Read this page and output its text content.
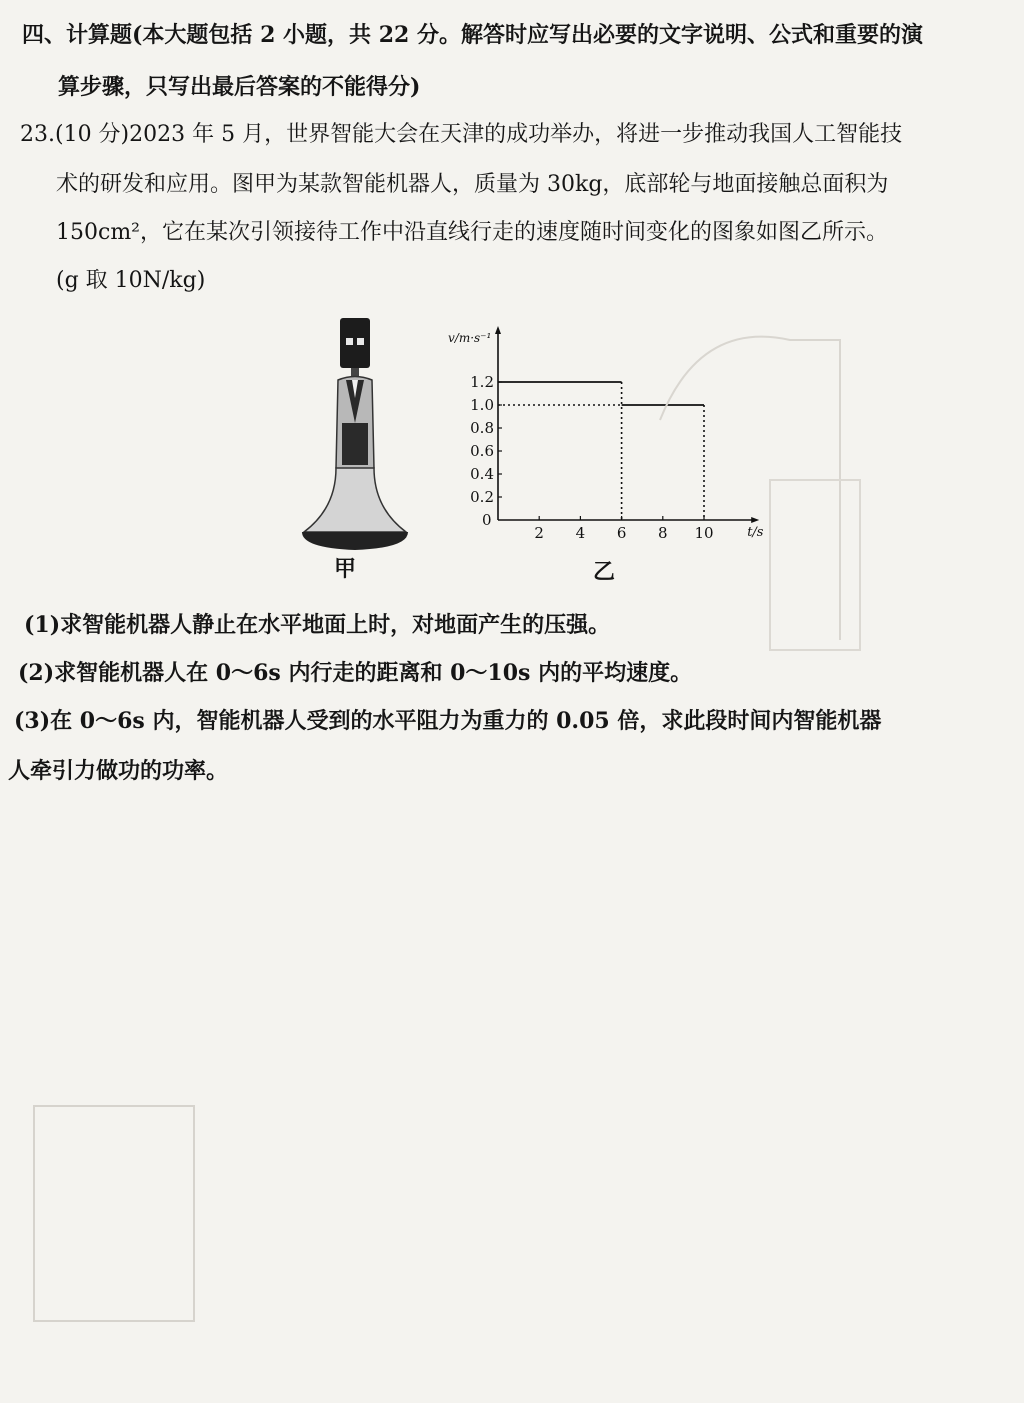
四、计算题(本大题包括 2 小题，共 22 分。解答时应写出必要的文字说明、公式和重要的演
算步骤，只写出最后答案的不能得分)
23.(10 分)2023 年 5 月，世界智能大会在天津的成功举办，将进一步推动我国人工智能技
术的研发和应用。图甲为某款智能机器人，质量为 30kg，底部轮与地面接触总面积为
150cm²，它在某次引领接待工作中沿直线行走的速度随时间变化的图象如图乙所示。
(g 取 10N/kg)
甲
v/m·s⁻¹
t/s
0
2 4 6 8 10
0.2
0.4
0.6
0.8
1.0
1.2
乙
(1)求智能机器人静止在水平地面上时，对地面产生的压强。
(2)求智能机器人在 0～6s 内行走的距离和 0～10s 内的平均速度。
(3)在 0～6s 内，智能机器人受到的水平阻力为重力的 0.05 倍，求此段时间内智能机器
人牵引力做功的功率。
